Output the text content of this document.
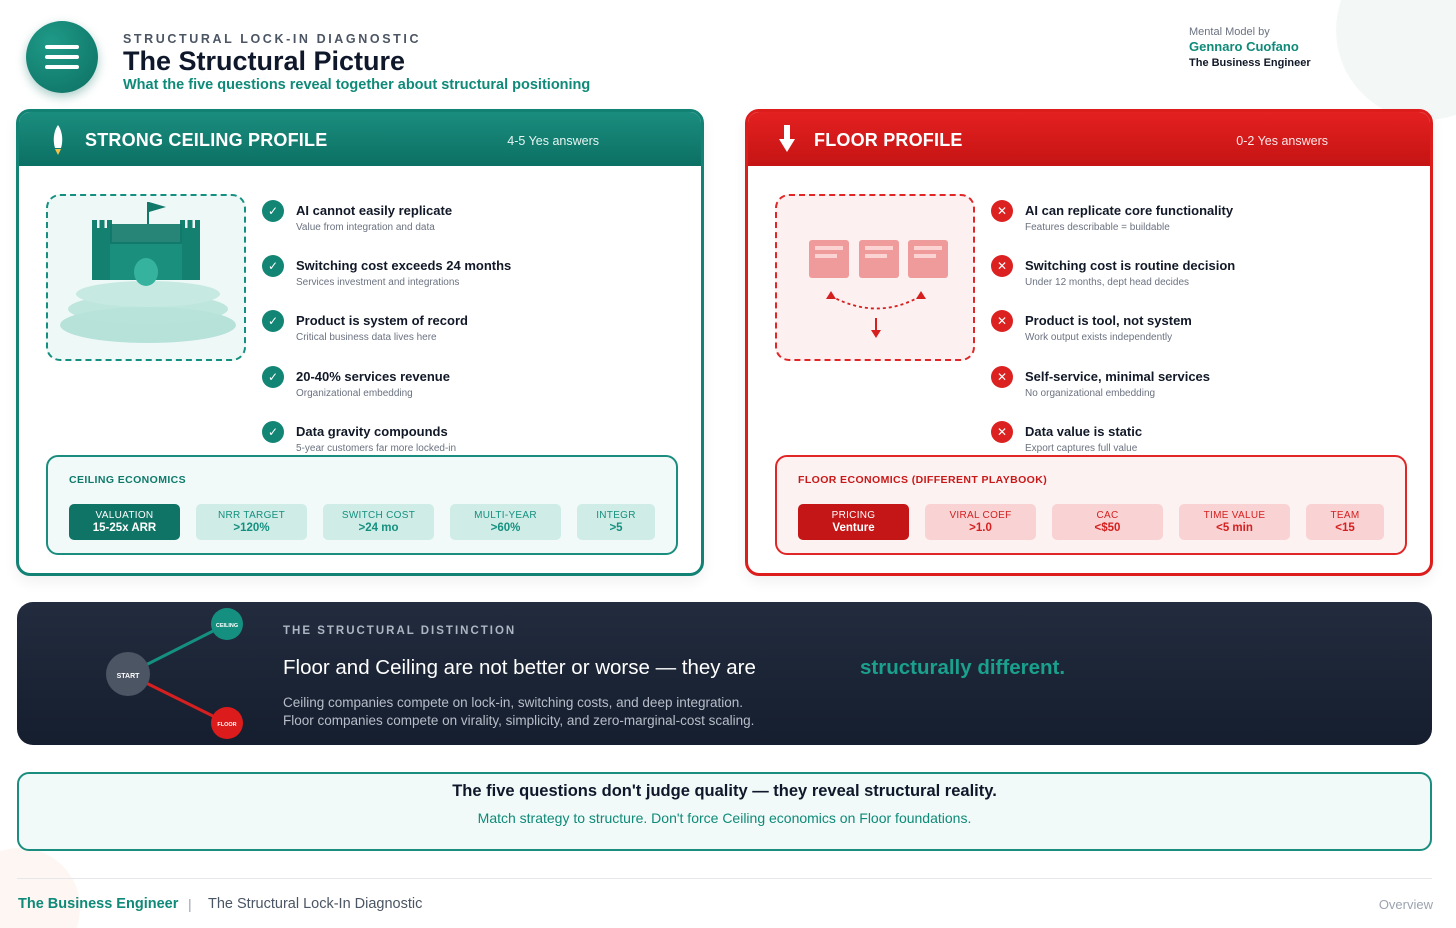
STRUCTURAL LOCK-IN DIAGNOSTIC
The Structural Picture
What the five questions reveal together about structural positioning
Mental Model by
Gennaro Cuofano
The Business Engineer
STRONG CEILING PROFILE	4-5 Yes answers
✓	AI cannot easily replicate
Value from integration and data
✓	Switching cost exceeds 24 months
Services investment and integrations
✓	Product is system of record
Critical business data lives here
✓	20-40% services revenue
Organizational embedding
✓	Data gravity compounds
5-year customers far more locked-in
CEILING ECONOMICS
VALUATION
15-25x ARR
NRR TARGET
>120%
SWITCH COST
>24 mo
MULTI-YEAR
>60%
INTEGR
>5
FLOOR PROFILE	0-2 Yes answers
✕	AI can replicate core functionality
Features describable = buildable
✕	Switching cost is routine decision
Under 12 months, dept head decides
✕	Product is tool, not system
Work output exists independently
✕	Self-service, minimal services
No organizational embedding
✕	Data value is static
Export captures full value
FLOOR ECONOMICS (DIFFERENT PLAYBOOK)
PRICING
Venture
VIRAL COEF
>1.0
CAC
<$50
TIME VALUE
<5 min
TEAM
<15
START
CEILING
FLOOR
THE STRUCTURAL DISTINCTION
Floor and Ceiling are not better or worse — they are	structurally different.
Ceiling companies compete on lock-in, switching costs, and deep integration.
Floor companies compete on virality, simplicity, and zero-marginal-cost scaling.
The five questions don't judge quality — they reveal structural reality.
Match strategy to structure. Don't force Ceiling economics on Floor foundations.
The Business Engineer | The Structural Lock-In Diagnostic	Overview
